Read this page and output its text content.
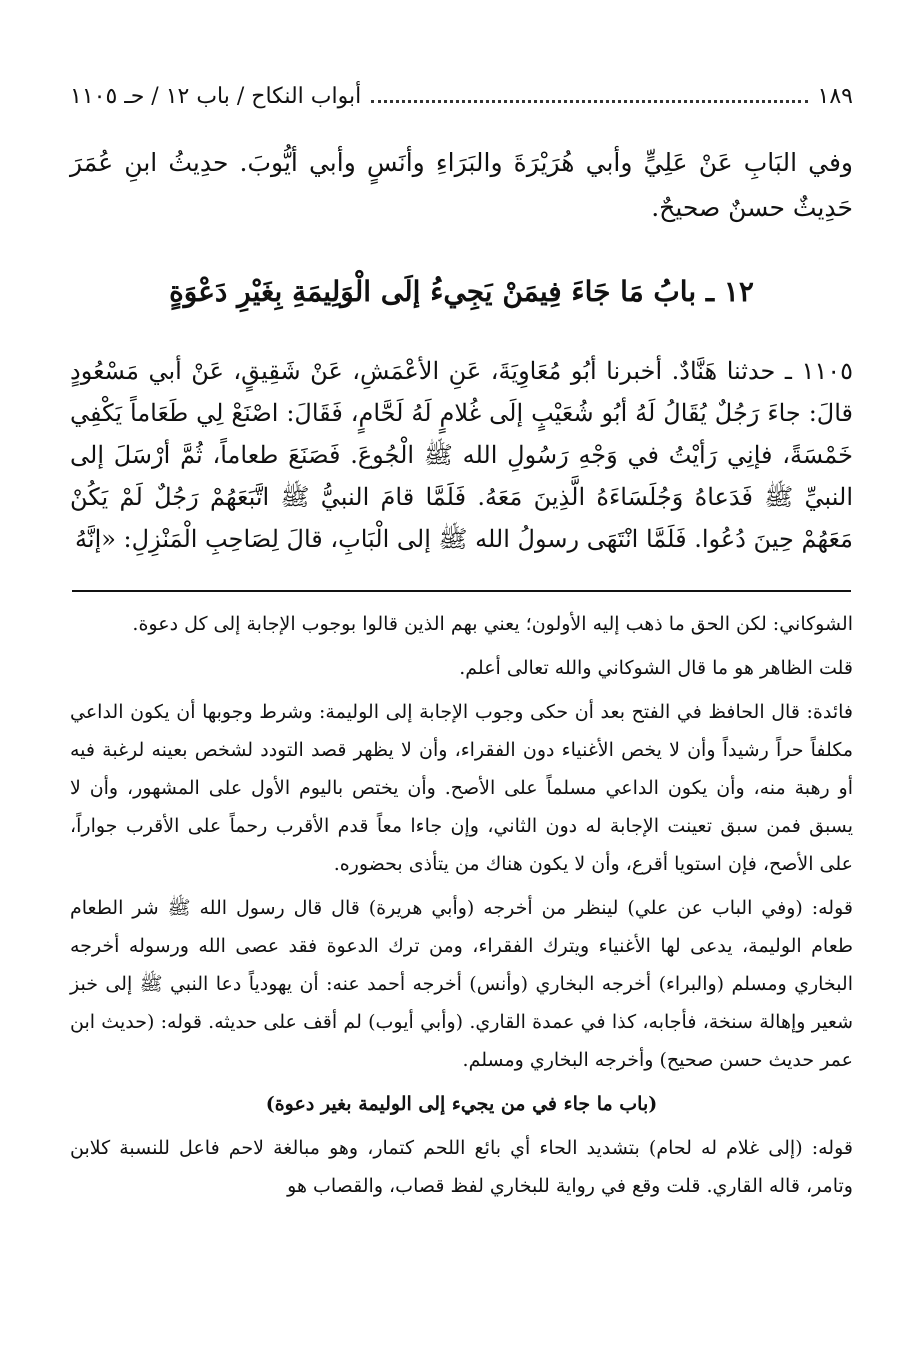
أبواب النكاح / باب ١٢ / حـ ١١٠٥	١٨٩

وفي البَابِ عَنْ عَلِيٍّ وأبي هُرَيْرَةَ والبَرَاءِ وأنَسٍ وأبي أيُّوبَ. حدِيثُ ابنِ عُمَرَ حَدِيثٌ حسنٌ صحيحٌ.

١٢ ـ بابُ مَا جَاءَ فِيمَنْ يَجِيءُ إلَى الْوَلِيمَةِ بِغَيْرِ دَعْوَةٍ
١١٠٥ ـ حدثنا هَنَّادٌ. أخبرنا أبُو مُعَاوِيَةَ، عَنِ الأعْمَشِ، عَنْ شَقِيقٍ، عَنْ أبي مَسْعُودٍ قالَ: جاءَ رَجُلٌ يُقَالُ لَهُ أبُو شُعَيْبٍ إلَى غُلامٍ لَهُ لَحَّامٍ، فَقَالَ: اصْنَعْ لِي طَعَاماً يَكْفِي خَمْسَةً، فإنِي رَأيْتُ في وَجْهِ رَسُولِ الله ﷺ الْجُوعَ. فَصَنَعَ طعاماً، ثُمَّ أرْسَلَ إلى النبيِّ ﷺ فَدَعاهُ وَجُلَسَاءَهُ الَّذِينَ مَعَهُ. فَلَمَّا قامَ النبيُّ ﷺ اتَّبَعَهُمْ رَجُلٌ لَمْ يَكُنْ مَعَهُمْ حِينَ دُعُوا. فَلَمَّا انْتَهَى رسولُ الله ﷺ إلى الْبَابِ، قالَ لِصَاحِبِ الْمَنْزِلِ: «إنَّهُ

الشوكاني: لكن الحق ما ذهب إليه الأولون؛ يعني بهم الذين قالوا بوجوب الإجابة إلى كل دعوة.

قلت الظاهر هو ما قال الشوكاني والله تعالى أعلم.

فائدة: قال الحافظ في الفتح بعد أن حكى وجوب الإجابة إلى الوليمة: وشرط وجوبها أن يكون الداعي مكلفاً حراً رشيداً وأن لا يخص الأغنياء دون الفقراء، وأن لا يظهر قصد التودد لشخص بعينه لرغبة فيه أو رهبة منه، وأن يكون الداعي مسلماً على الأصح. وأن يختص باليوم الأول على المشهور، وأن لا يسبق فمن سبق تعينت الإجابة له دون الثاني، وإن جاءا معاً قدم الأقرب رحماً على الأقرب جواراً، على الأصح، فإن استويا أقرع، وأن لا يكون هناك من يتأذى بحضوره.

قوله: (وفي الباب عن علي) لينظر من أخرجه (وأبي هريرة) قال قال رسول الله ﷺ شر الطعام طعام الوليمة، يدعى لها الأغنياء ويترك الفقراء، ومن ترك الدعوة فقد عصى الله ورسوله أخرجه البخاري ومسلم (والبراء) أخرجه البخاري (وأنس) أخرجه أحمد عنه: أن يهودياً دعا النبي ﷺ إلى خبز شعير وإهالة سنخة، فأجابه، كذا في عمدة القاري. (وأبي أيوب) لم أقف على حديثه. قوله: (حديث ابن عمر حديث حسن صحيح) وأخرجه البخاري ومسلم.

(باب ما جاء في من يجيء إلى الوليمة بغير دعوة)

قوله: (إلى غلام له لحام) بتشديد الحاء أي بائع اللحم كتمار، وهو مبالغة لاحم فاعل للنسبة كلابن وتامر، قاله القاري. قلت وقع في رواية للبخاري لفظ قصاب، والقصاب هو
